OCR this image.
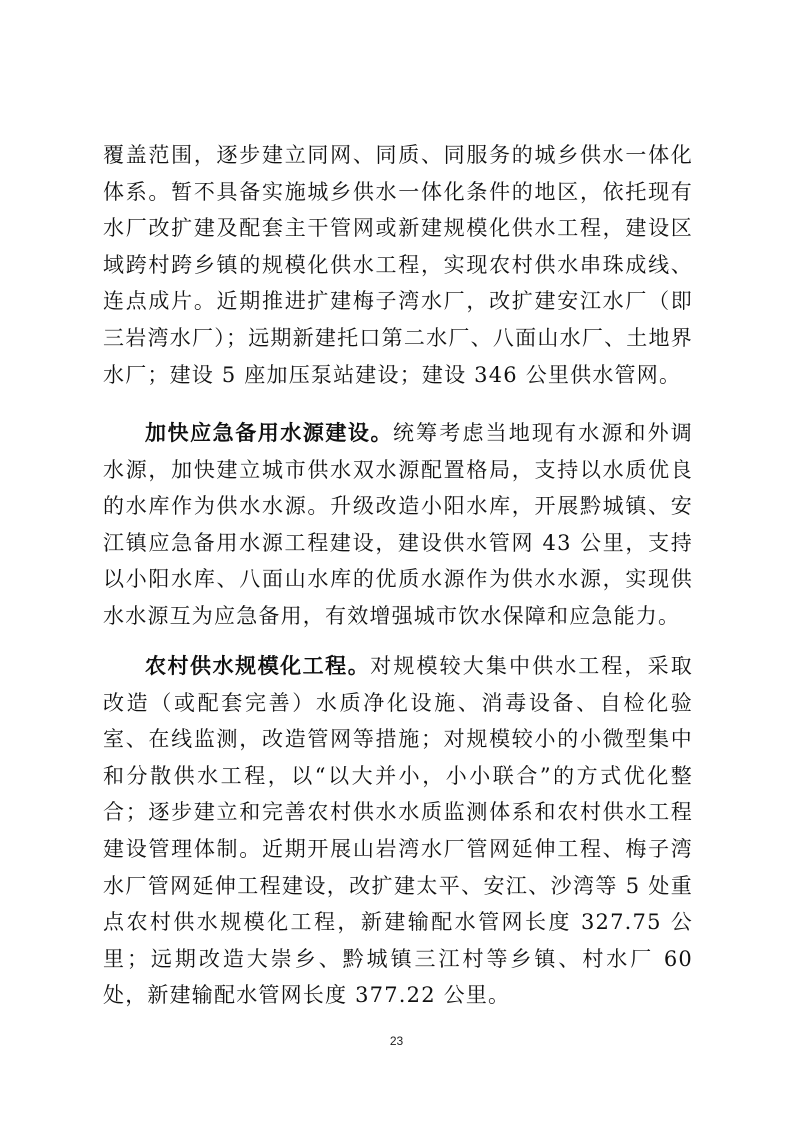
覆盖范围，逐步建立同网、同质、同服务的城乡供水一体化体系。暂不具备实施城乡供水一体化条件的地区，依托现有水厂改扩建及配套主干管网或新建规模化供水工程，建设区域跨村跨乡镇的规模化供水工程，实现农村供水串珠成线、连点成片。近期推进扩建梅子湾水厂，改扩建安江水厂（即三岩湾水厂）；远期新建托口第二水厂、八面山水厂、土地界水厂；建设 5 座加压泵站建设；建设 346 公里供水管网。

加快应急备用水源建设。统筹考虑当地现有水源和外调水源，加快建立城市供水双水源配置格局，支持以水质优良的水库作为供水水源。升级改造小阳水库，开展黔城镇、安江镇应急备用水源工程建设，建设供水管网 43 公里，支持以小阳水库、八面山水库的优质水源作为供水水源，实现供水水源互为应急备用，有效增强城市饮水保障和应急能力。

农村供水规模化工程。对规模较大集中供水工程，采取改造（或配套完善）水质净化设施、消毒设备、自检化验室、在线监测，改造管网等措施；对规模较小的小微型集中和分散供水工程，以“以大并小，小小联合”的方式优化整合；逐步建立和完善农村供水水质监测体系和农村供水工程建设管理体制。近期开展山岩湾水厂管网延伸工程、梅子湾水厂管网延伸工程建设，改扩建太平、安江、沙湾等 5 处重点农村供水规模化工程，新建输配水管网长度 327.75 公里；远期改造大崇乡、黔城镇三江村等乡镇、村水厂 60 处，新建输配水管网长度 377.22 公里。

23
